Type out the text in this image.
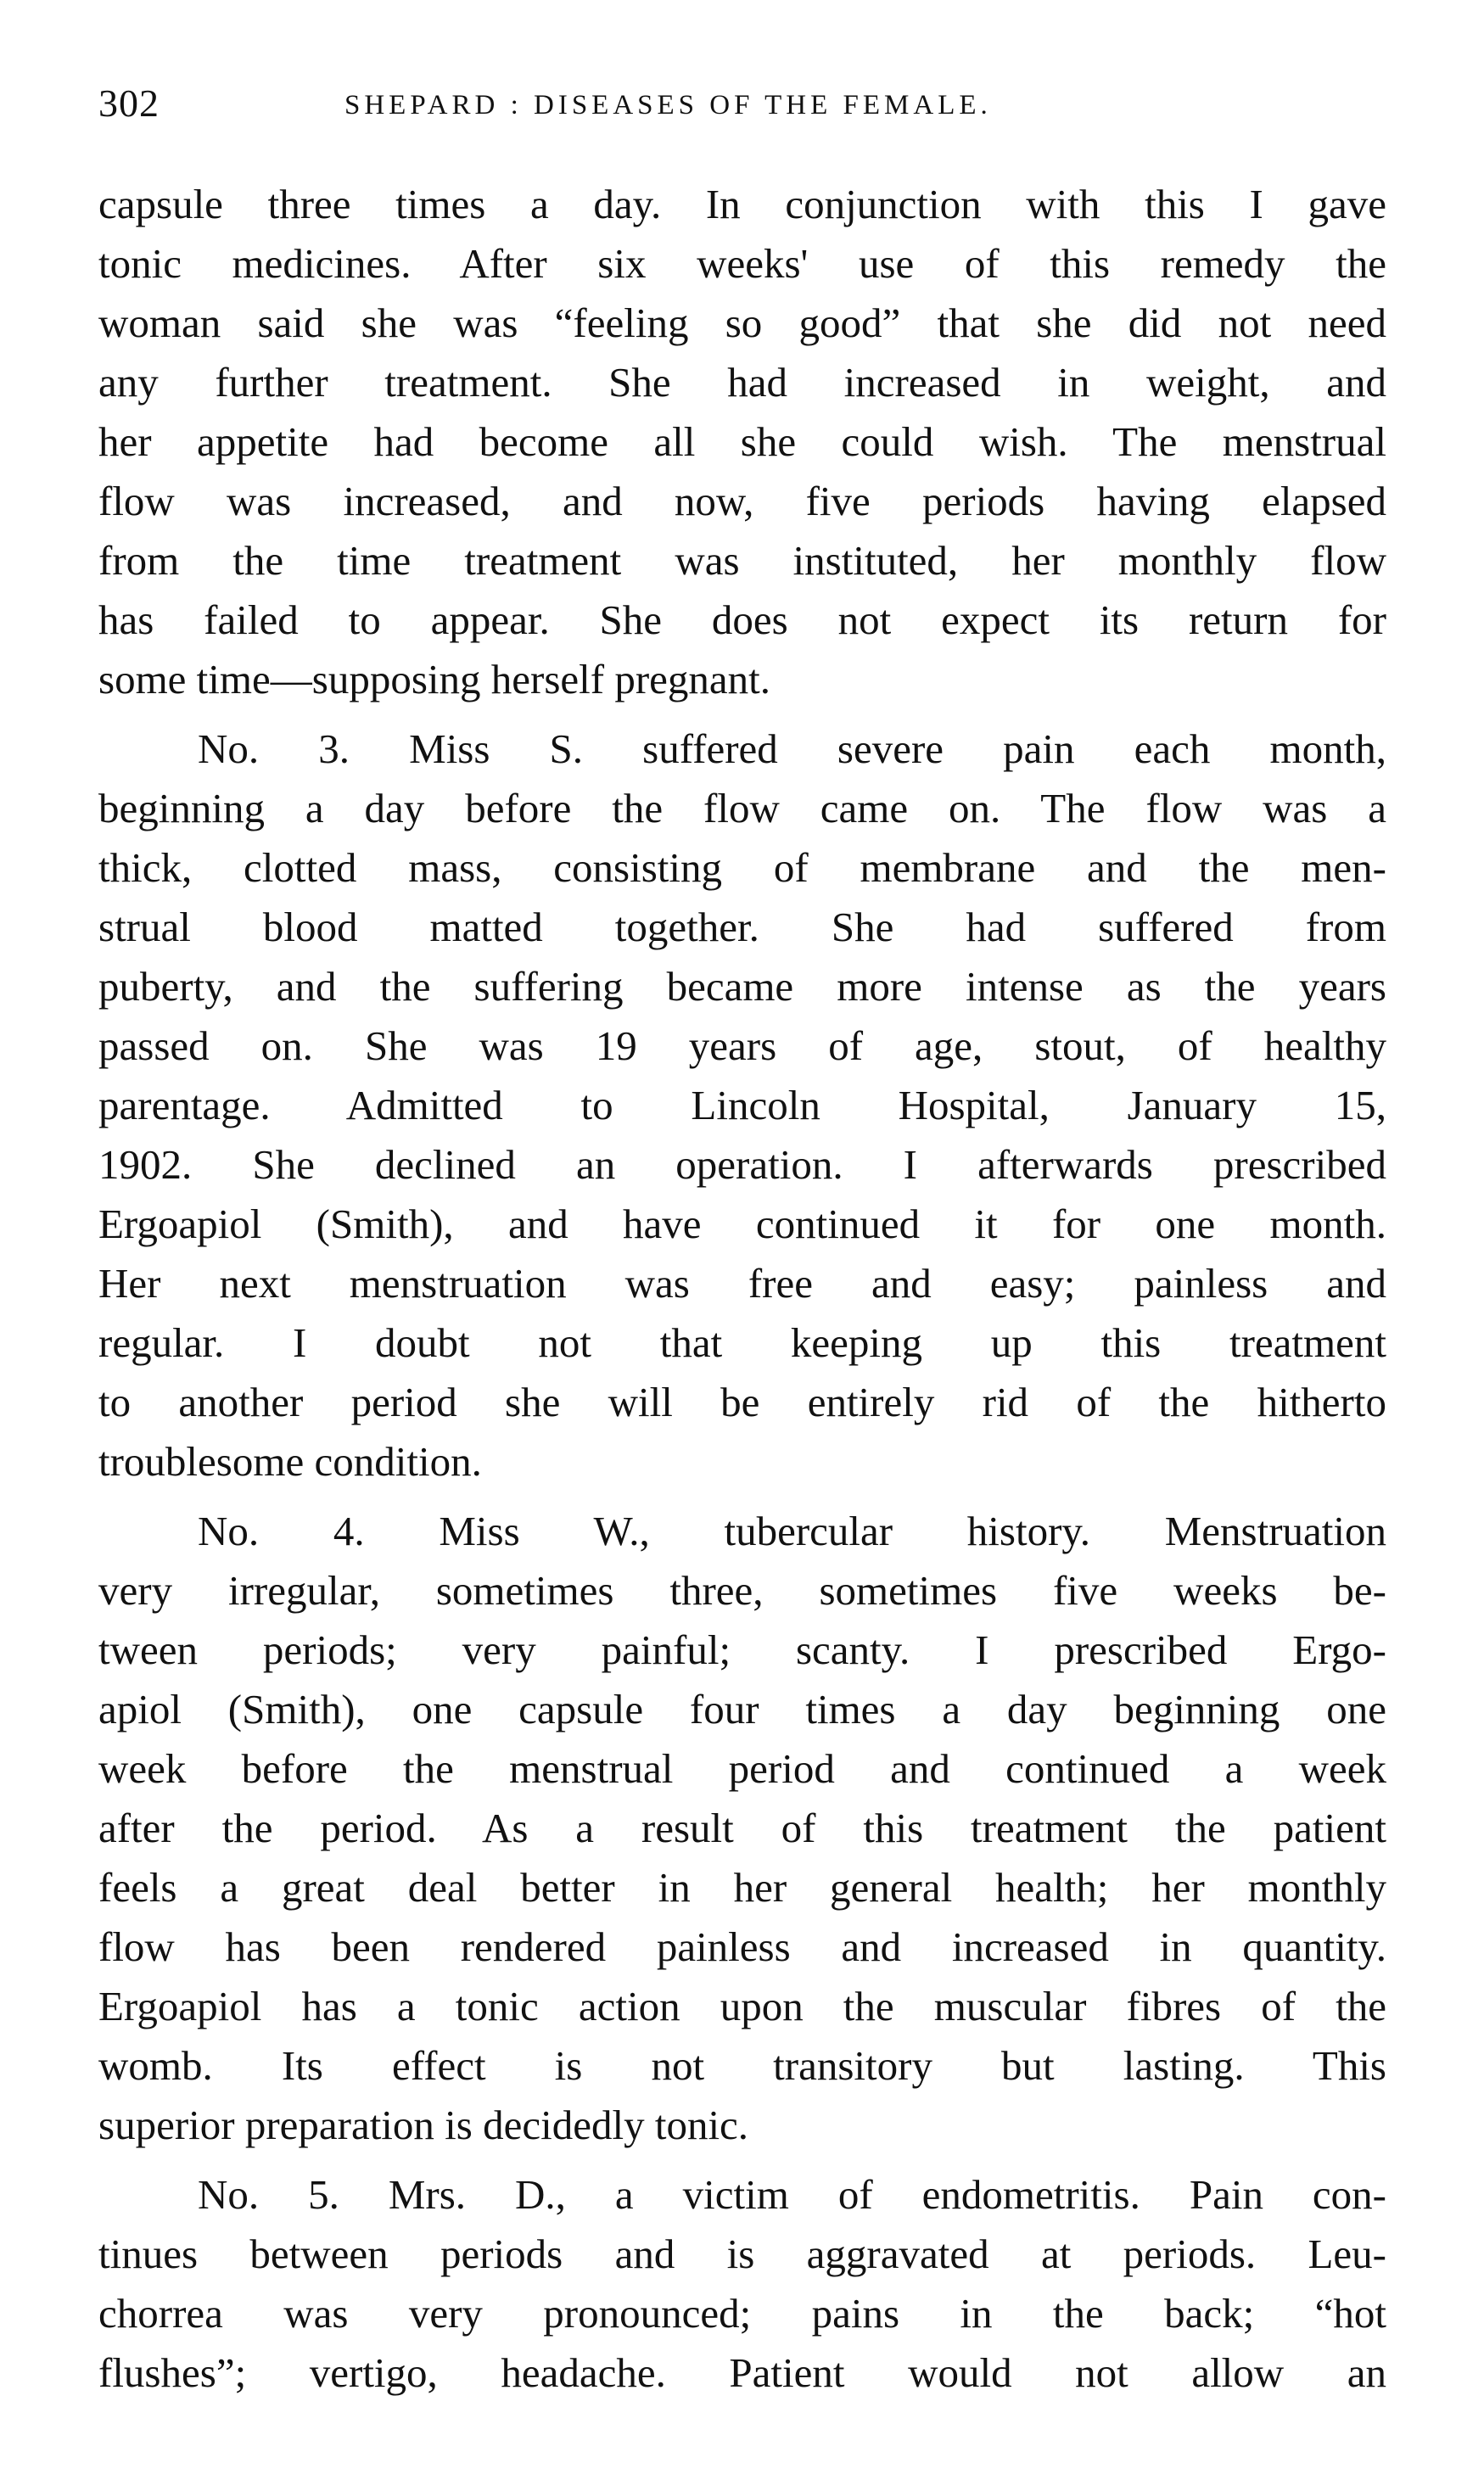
302	SHEPARD : DISEASES OF THE FEMALE.
capsule three times a day. In conjunction with this I gave
tonic medicines. After six weeks' use of this remedy the
woman said she was “feeling so good” that she did not need
any further treatment. She had increased in weight, and
her appetite had become all she could wish. The menstrual
flow was increased, and now, five periods having elapsed
from the time treatment was instituted, her monthly flow
has failed to appear. She does not expect its return for
some time—supposing herself pregnant.
No. 3. Miss S. suffered severe pain each month,
beginning a day before the flow came on. The flow was a
thick, clotted mass, consisting of membrane and the men-
strual blood matted together. She had suffered from
puberty, and the suffering became more intense as the years
passed on. She was 19 years of age, stout, of healthy
parentage. Admitted to Lincoln Hospital, January 15,
1902. She declined an operation. I afterwards prescribed
Ergoapiol (Smith), and have continued it for one month.
Her next menstruation was free and easy; painless and
regular. I doubt not that keeping up this treatment
to another period she will be entirely rid of the hitherto
troublesome condition.
No. 4. Miss W., tubercular history. Menstruation
very irregular, sometimes three, sometimes five weeks be-
tween periods; very painful; scanty. I prescribed Ergo-
apiol (Smith), one capsule four times a day beginning one
week before the menstrual period and continued a week
after the period. As a result of this treatment the patient
feels a great deal better in her general health; her monthly
flow has been rendered painless and increased in quantity.
Ergoapiol has a tonic action upon the muscular fibres of the
womb. Its effect is not transitory but lasting. This
superior preparation is decidedly tonic.
No. 5. Mrs. D., a victim of endometritis. Pain con-
tinues between periods and is aggravated at periods. Leu-
chorrea was very pronounced; pains in the back; “hot
flushes”; vertigo, headache. Patient would not allow an
